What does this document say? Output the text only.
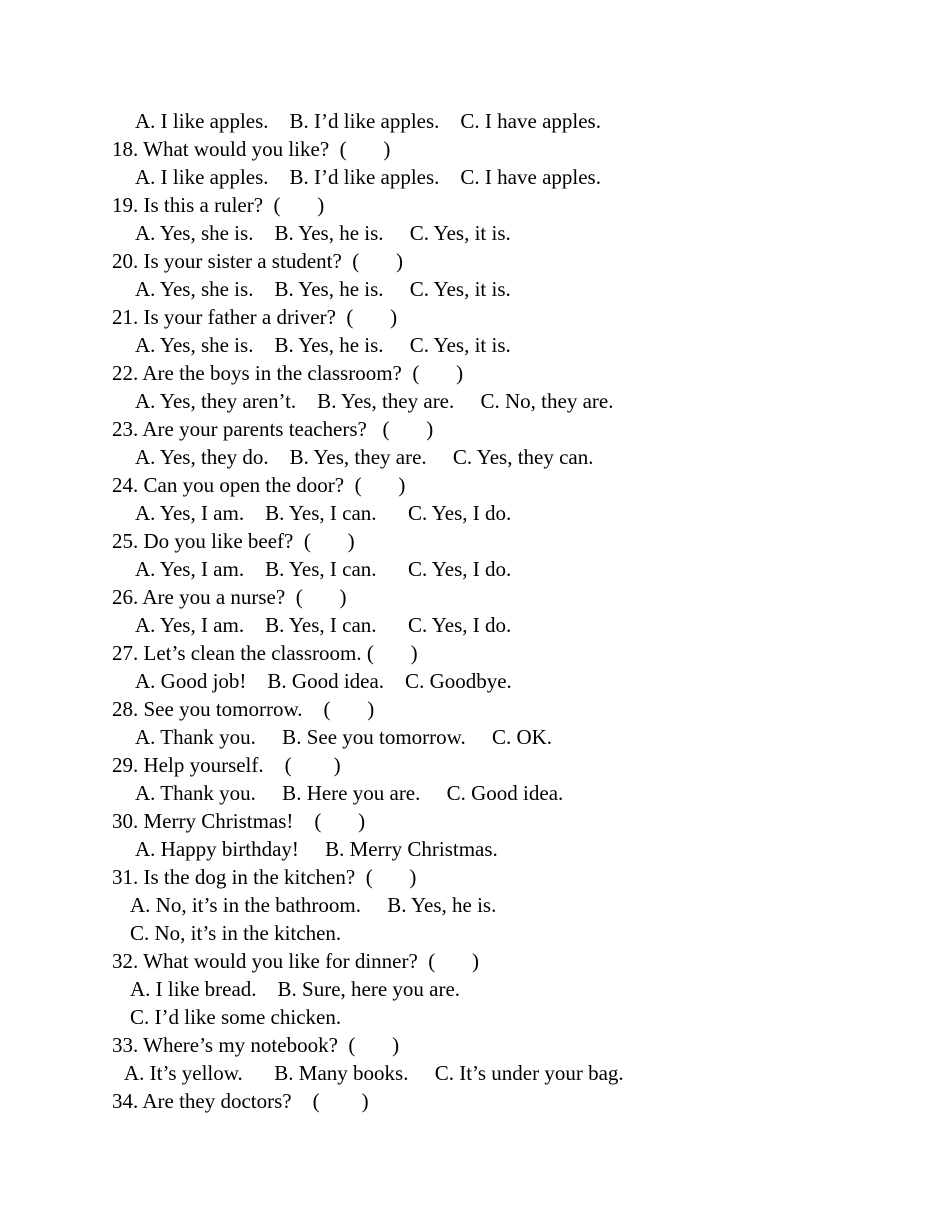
A. I like apples.    B. I’d like apples.    C. I have apples.
18. What would you like?  (       )
A. I like apples.    B. I’d like apples.    C. I have apples.
19. Is this a ruler?  (       )
A. Yes, she is.    B. Yes, he is.     C. Yes, it is.
20. Is your sister a student?  (       )
A. Yes, she is.    B. Yes, he is.     C. Yes, it is.
21. Is your father a driver?  (       )
A. Yes, she is.    B. Yes, he is.     C. Yes, it is.
22. Are the boys in the classroom?  (       )
A. Yes, they aren’t.    B. Yes, they are.     C. No, they are.
23. Are your parents teachers?   (       )
A. Yes, they do.    B. Yes, they are.     C. Yes, they can.
24. Can you open the door?  (       )
A. Yes, I am.    B. Yes, I can.      C. Yes, I do.
25. Do you like beef?  (       )
A. Yes, I am.    B. Yes, I can.      C. Yes, I do.
26. Are you a nurse?  (       )
A. Yes, I am.    B. Yes, I can.      C. Yes, I do.
27. Let’s clean the classroom. (       )
A. Good job!    B. Good idea.    C. Goodbye.
28. See you tomorrow.    (       )
A. Thank you.     B. See you tomorrow.     C. OK.
29. Help yourself.    (        )
A. Thank you.     B. Here you are.     C. Good idea.
30. Merry Christmas!    (       )
A. Happy birthday!     B. Merry Christmas.
31. Is the dog in the kitchen?  (       )
A. No, it’s in the bathroom.     B. Yes, he is.
C. No, it’s in the kitchen.
32. What would you like for dinner?  (       )
A. I like bread.    B. Sure, here you are.
C. I’d like some chicken.
33. Where’s my notebook?  (       )
A. It’s yellow.      B. Many books.     C. It’s under your bag.
34. Are they doctors?    (        )
